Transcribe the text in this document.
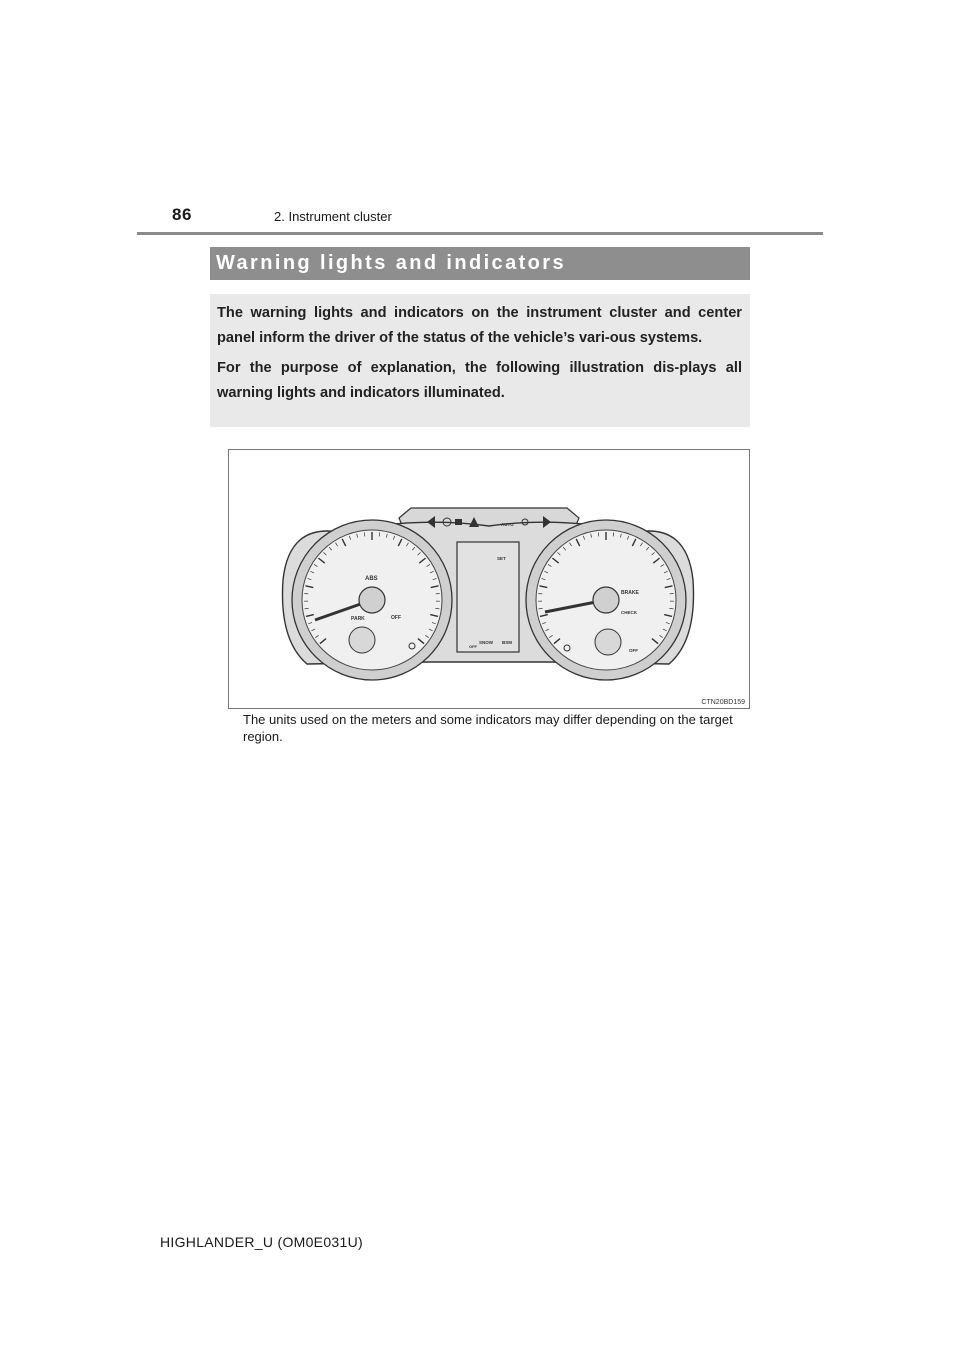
86	2. Instrument cluster
Warning lights and indicators

The warning lights and indicators on the instrument cluster and center panel inform the driver of the status of the vehicle’s vari-ous systems.

For the purpose of explanation, the following illustration dis-plays all warning lights and indicators illuminated.

ABS
PARK	OFF
AUTO
SET
BRAKE
CHECK
OFF
OFF
SNOW BSM
CTN20BD159
The units used on the meters and some indicators may differ depending on the target region.
HIGHLANDER_U (OM0E031U)
